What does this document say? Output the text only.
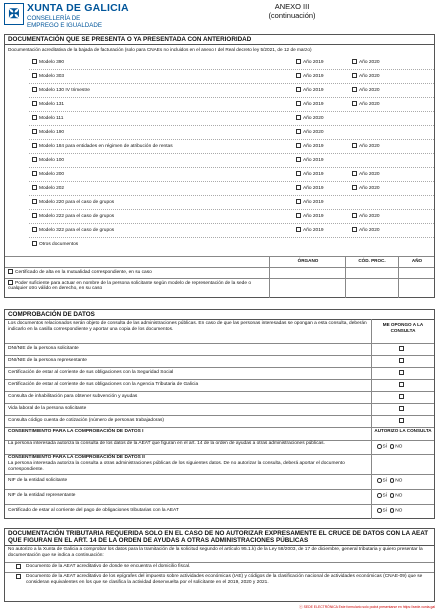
✠ XUNTA DE GALICIA
CONSELLERÍA DE
EMPREGO E IGUALDADE
ANEXO III
(continuación)
DOCUMENTACIÓN QUE SE PRESENTA O YA PRESENTADA CON ANTERIORIDAD
Documentación acreditativa de la bajada de facturación (solo para CNAEs no incluidos en el anexo I del Real decreto ley 5/2021, de 12 de marzo)
Modelo 390	Año 2019	Año 2020
Modelo 303	Año 2019	Año 2020
Modelo 130 IV trimestre	Año 2019	Año 2020
Modelo 131	Año 2019	Año 2020
Modelo 111	Año 2020
Modelo 190	Año 2020
Modelo 184 para entidades en régimen de atribución de rentas	Año 2019	Año 2020
Modelo 100	Año 2019
Modelo 200	Año 2019	Año 2020
Modelo 202	Año 2019	Año 2020
Modelo 220 para el caso de grupos	Año 2019
Modelo 222 para el caso de grupos	Año 2019	Año 2020
Modelo 322 para el caso de grupos	Año 2019	Año 2020
Otros documentos
ÓRGANO	CÓD. PROC.	AÑO
Certificado de alta en la mutualidad correspondiente, en su caso
Poder suficiente para actuar en nombre de la persona solicitante según modelo de representación de la sede o cualquier otro válido en derecho, en su caso
COMPROBACIÓN DE DATOS
Los documentos relacionados serán objeto de consulta de las administraciones públicas. En caso de que las personas interesadas se opongan a esta consulta, deberán indicarlo en la casilla correspondiente y aportar una copia de los documentos.
ME OPONGO A LA CONSULTA
DNI/NIE de la persona solicitante
DNI/NIE de la persona representante
Certificación de estar al corriente de sus obligaciones con la Seguridad Social
Certificación de estar al corriente de sus obligaciones con la Agencia Tributaria de Galicia
Consulta de inhabilitación para obtener subvención y ayudas
Vida laboral de la persona solicitante
Consulta código cuenta de cotización (número de personas trabajadoras)
CONSENTIMIENTO PARA LA COMPROBACIÓN DE DATOS I	AUTORIZO LA CONSULTA
La persona interesada autoriza la consulta de los datos de la AEAT que figuran en el art. 14 de la orden de ayudas a otras administraciones públicas.
SÍ NO
CONSENTIMIENTO PARA LA COMPROBACIÓN DE DATOS II
La persona interesada autoriza la consulta a otras administraciones públicas de los siguientes datos. De no autorizar la consulta, deberá aportar el documento correspondiente.
NIF de la entidad solicitante	SÍ NO
NIF de la entidad representante	SÍ NO
Certificado de estar al corriente del pago de obligaciones tributarias con la AEAT	SÍ NO
DOCUMENTACIÓN TRIBUTARIA REQUERIDA SOLO EN EL CASO DE NO AUTORIZAR EXPRESAMENTE EL CRUCE DE DATOS CON LA AEAT QUE FIGURAN EN EL ART. 14 DE LA ORDEN DE AYUDAS A OTRAS ADMINISTRACIONES PÚBLICAS
No autorizo a la Xunta de Galicia a comprobar los datos para la tramitación de la solicitud segundo el artículo 95.1.k) de la Ley 58/2003, de 17 de diciembre, general tributaria y quiero presentar la documentación que se indica a continuación:
Documento de la AEAT acreditativo de donde se encuentra el domicilio fiscal.
Documento de la AEAT acreditativo de los epígrafes del impuesto sobre actividades económicas (IAE) y códigos de la clasificación nacional de actividades económicas (CNAE-09) que se consideran equivalentes en los que se clasifica la actividad desenvuelta por el solicitante en el 2019, 2020 y 2021.
ⓔ SEDE ELECTRÓNICA Este formulario solo podrá presentarse en https://sede.xunta.gal
